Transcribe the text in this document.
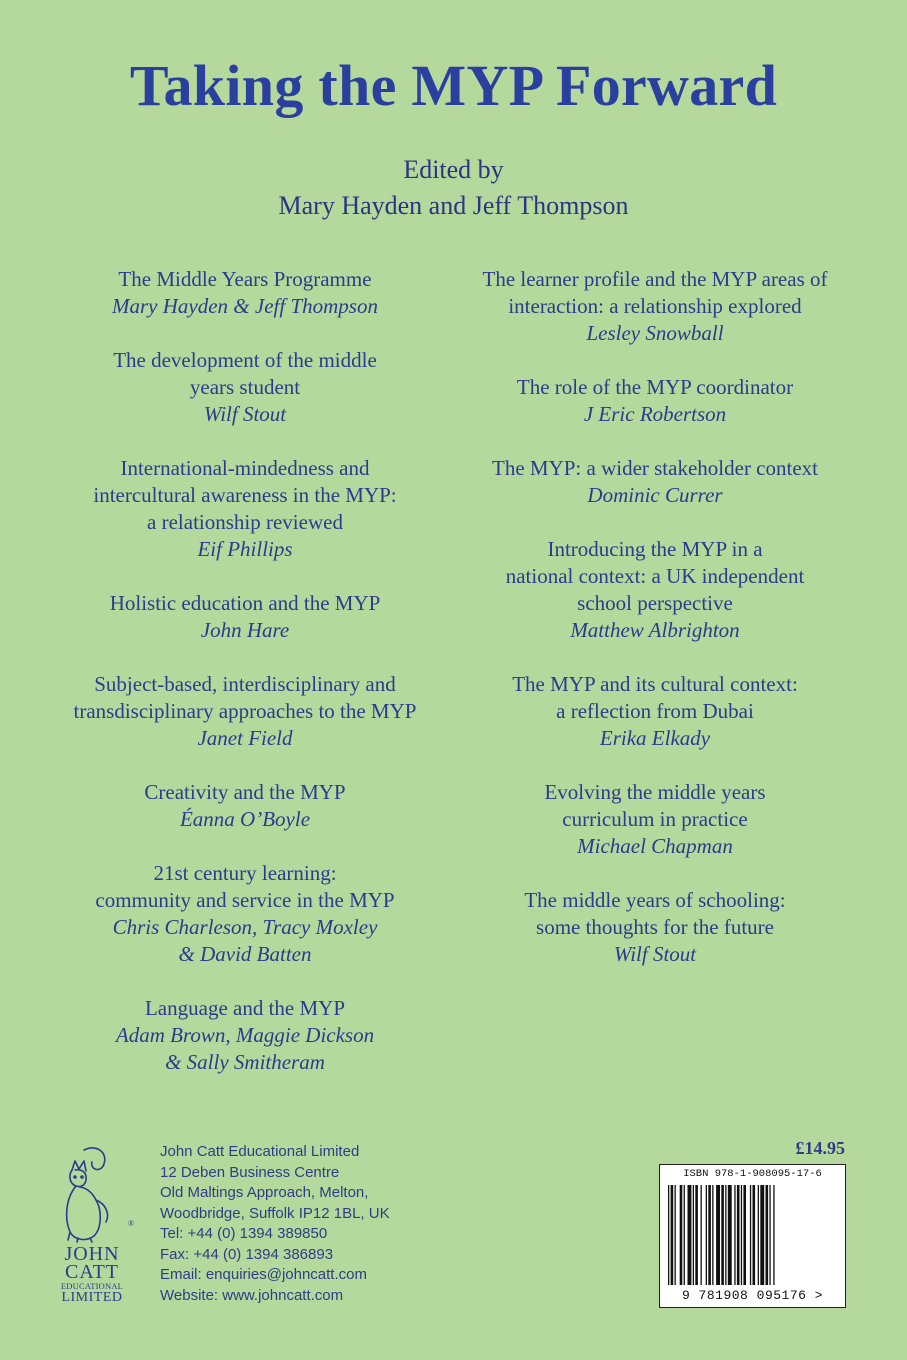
Taking the MYP Forward
Edited by
Mary Hayden and Jeff Thompson
The Middle Years Programme
Mary Hayden & Jeff Thompson
The development of the middle
years student
Wilf Stout
International-mindedness and
intercultural awareness in the MYP:
a relationship reviewed
Eif Phillips
Holistic education and the MYP
John Hare
Subject-based, interdisciplinary and
transdisciplinary approaches to the MYP
Janet Field
Creativity and the MYP
Éanna O’Boyle
21st century learning:
community and service in the MYP
Chris Charleson, Tracy Moxley
& David Batten
Language and the MYP
Adam Brown, Maggie Dickson
& Sally Smitheram
The learner profile and the MYP areas of
interaction: a relationship explored
Lesley Snowball
The role of the MYP coordinator
J Eric Robertson
The MYP: a wider stakeholder context
Dominic Currer
Introducing the MYP in a
national context: a UK independent
school perspective
Matthew Albrighton
The MYP and its cultural context:
a reflection from Dubai
Erika Elkady
Evolving the middle years
curriculum in practice
Michael Chapman
The middle years of schooling:
some thoughts for the future
Wilf Stout
JOHN
CATT
EDUCATIONAL
LIMITED
®
John Catt Educational Limited
12 Deben Business Centre
Old Maltings Approach, Melton,
Woodbridge, Suffolk IP12 1BL, UK
Tel: +44 (0) 1394 389850
Fax: +44 (0) 1394 386893
Email: enquiries@johncatt.com
Website: www.johncatt.com
£14.95
ISBN 978-1-908095-17-6
9 781908 095176 >
